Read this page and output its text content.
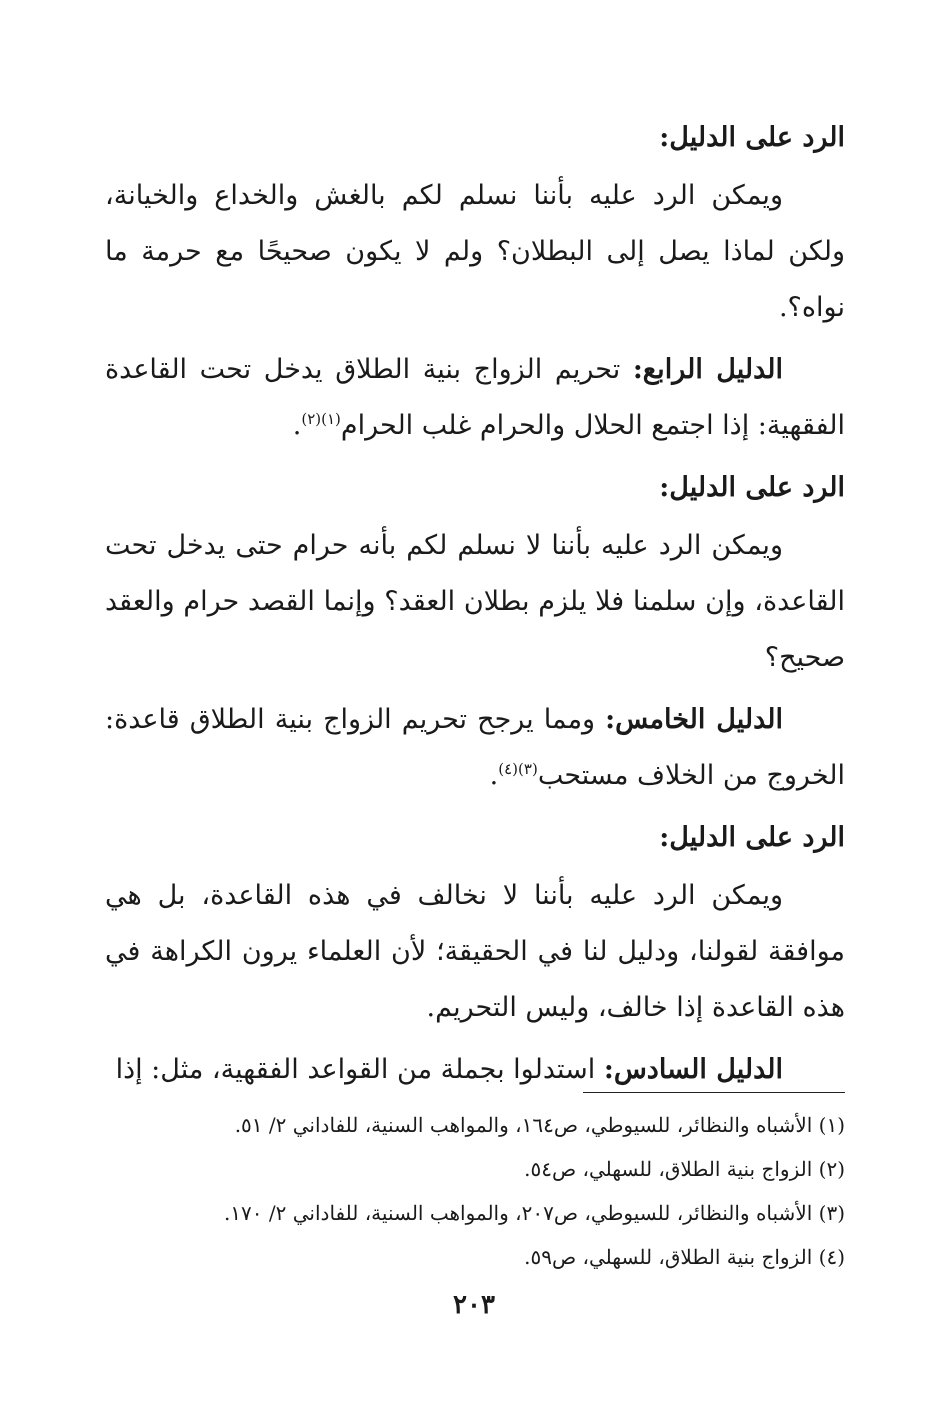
الرد على الدليل:

ويمكن الرد عليه بأننا نسلم لكم بالغش والخداع والخيانة، ولكن لماذا يصل إلى البطلان؟ ولم لا يكون صحيحًا مع حرمة ما نواه؟.

الدليل الرابع: تحريم الزواج بنية الطلاق يدخل تحت القاعدة الفقهية: إذا اجتمع الحلال والحرام غلب الحرام$^{(١)(٢)}$.

الرد على الدليل:

ويمكن الرد عليه بأننا لا نسلم لكم بأنه حرام حتى يدخل تحت القاعدة، وإن سلمنا فلا يلزم بطلان العقد؟ وإنما القصد حرام والعقد صحيح؟

الدليل الخامس: ومما يرجح تحريم الزواج بنية الطلاق قاعدة: الخروج من الخلاف مستحب$^{(٣)(٤)}$.

الرد على الدليل:

ويمكن الرد عليه بأننا لا نخالف في هذه القاعدة، بل هي موافقة لقولنا، ودليل لنا في الحقيقة؛ لأن العلماء يرون الكراهة في هذه القاعدة إذا خالف، وليس التحريم.

الدليل السادس: استدلوا بجملة من القواعد الفقهية، مثل: إذا

(١) الأشباه والنظائر، للسيوطي، ص١٦٤، والمواهب السنية، للفاداني ٢/ ٥١.

(٢) الزواج بنية الطلاق، للسهلي، ص٥٤.

(٣) الأشباه والنظائر، للسيوطي، ص٢٠٧، والمواهب السنية، للفاداني ٢/ ١٧٠.

(٤) الزواج بنية الطلاق، للسهلي، ص٥٩.

٢٠٣
